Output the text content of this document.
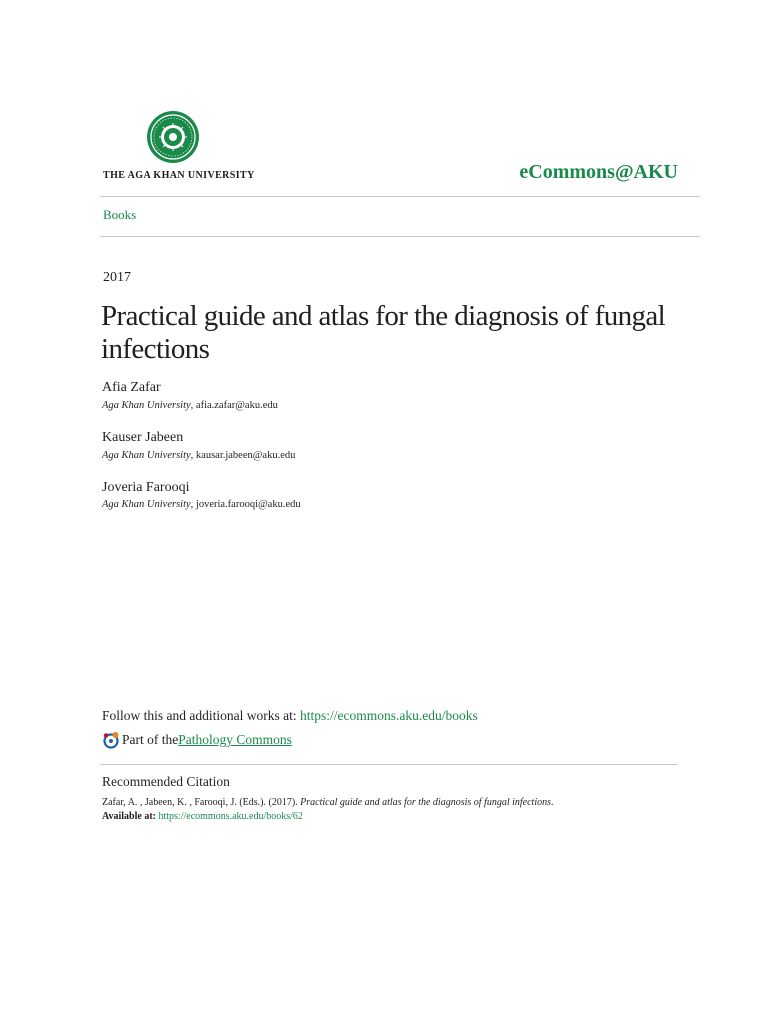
THE AGA KHAN UNIVERSITY	eCommons@AKU
Books
2017
Practical guide and atlas for the diagnosis of fungal infections
Afia Zafar
Aga Khan University, afia.zafar@aku.edu
Kauser Jabeen
Aga Khan University, kausar.jabeen@aku.edu
Joveria Farooqi
Aga Khan University, joveria.farooqi@aku.edu
Follow this and additional works at: https://ecommons.aku.edu/books
Part of the Pathology Commons
Recommended Citation
Zafar, A. , Jabeen, K. , Farooqi, J. (Eds.). (2017). Practical guide and atlas for the diagnosis of fungal infections.
Available at: https://ecommons.aku.edu/books/62
